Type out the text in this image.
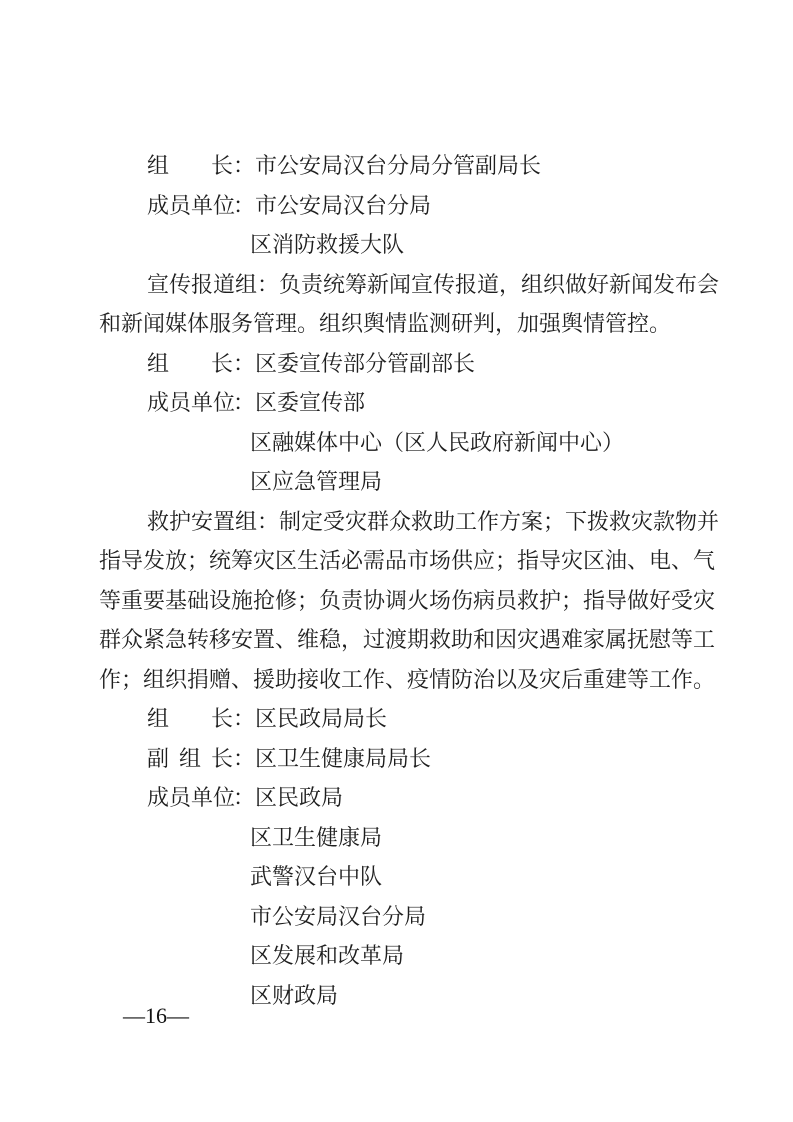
组 长 ：市公安局汉台分局分管副局长
成 员 单 位
：市公安局汉台分局
区消防救援大队
宣传报道组：负责统筹新闻宣传报道，组织做好新闻发布会
和新闻媒体服务管理。组织舆情监测研判，加强舆情管控。
组 长 ：区委宣传部分管副部长
成 员 单 位
：区委宣传部
区融媒体中心（区人民政府新闻中心）
区应急管理局
救护安置组：制定受灾群众救助工作方案；下拨救灾款物并
指导发放；统筹灾区生活必需品市场供应；指导灾区油、电、气
等重要基础设施抢修；负责协调火场伤病员救护；指导做好受灾
群众紧急转移安置、维稳，过渡期救助和因灾遇难家属抚慰等工
作；组织捐赠、援助接收工作、疫情防治以及灾后重建等工作。
组 长 ：区民政局局长
副 组 长 ：区卫生健康局局长
成 员 单 位
：区民政局
区卫生健康局
武警汉台中队
市公安局汉台分局
区发展和改革局
区财政局
—16—
